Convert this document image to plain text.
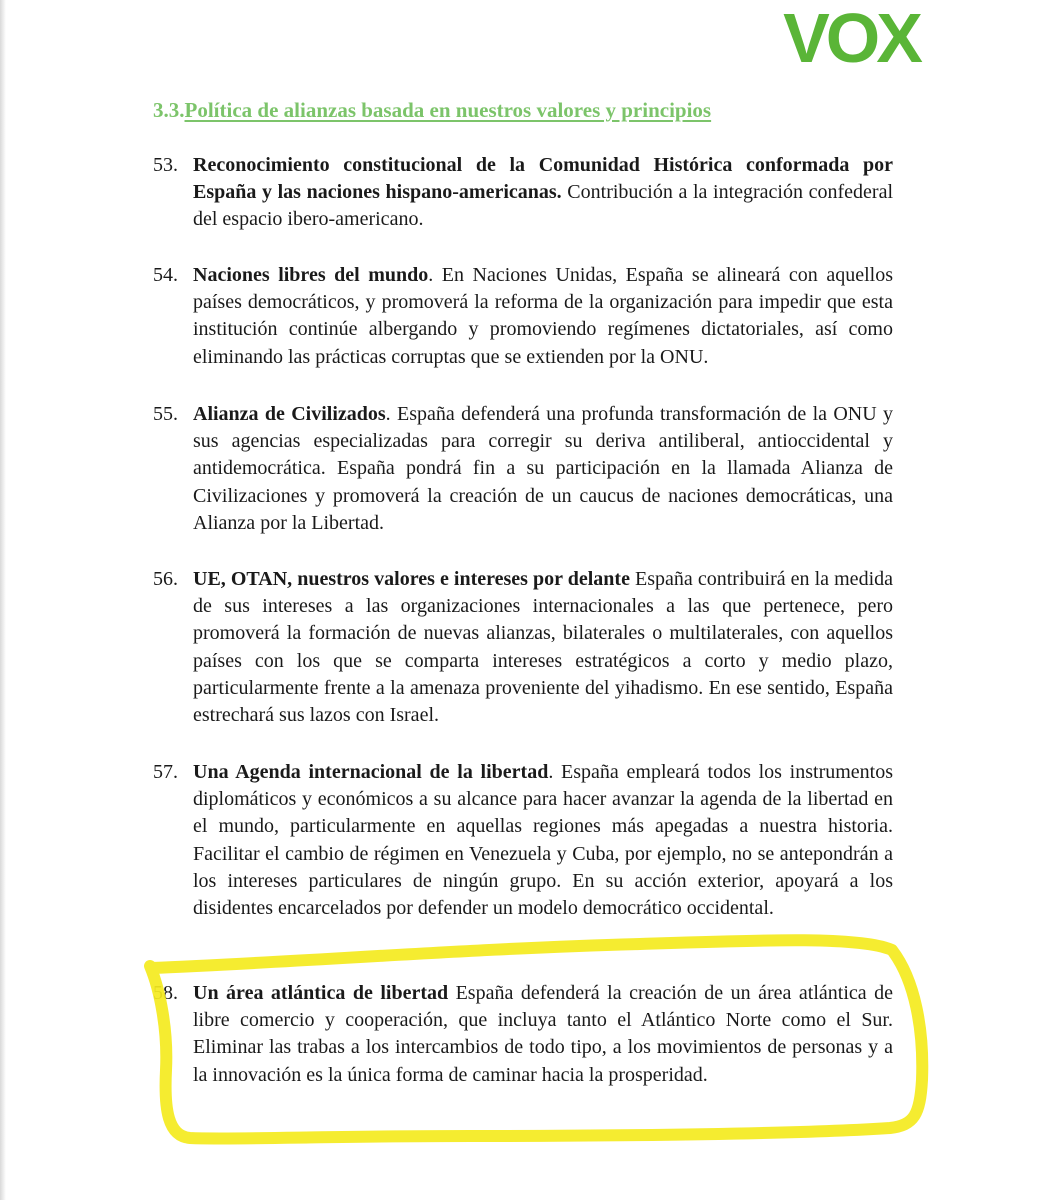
VOX
3.3.Política de alianzas basada en nuestros valores y principios
53. Reconocimiento constitucional de la Comunidad Histórica conformada por España y las naciones hispano-americanas. Contribución a la integración confederal del espacio ibero-americano.
54. Naciones libres del mundo. En Naciones Unidas, España se alineará con aquellos países democráticos, y promoverá la reforma de la organización para impedir que esta institución continúe albergando y promoviendo regímenes dictatoriales, así como eliminando las prácticas corruptas que se extienden por la ONU.
55. Alianza de Civilizados. España defenderá una profunda transformación de la ONU y sus agencias especializadas para corregir su deriva antiliberal, antioccidental y antidemocrática. España pondrá fin a su participación en la llamada Alianza de Civilizaciones y promoverá la creación de un caucus de naciones democráticas, una Alianza por la Libertad.
56. UE, OTAN, nuestros valores e intereses por delante España contribuirá en la medida de sus intereses a las organizaciones internacionales a las que pertenece, pero promoverá la formación de nuevas alianzas, bilaterales o multilaterales, con aquellos países con los que se comparta intereses estratégicos a corto y medio plazo, particularmente frente a la amenaza proveniente del yihadismo. En ese sentido, España estrechará sus lazos con Israel.
57. Una Agenda internacional de la libertad. España empleará todos los instrumentos diplomáticos y económicos a su alcance para hacer avanzar la agenda de la libertad en el mundo, particularmente en aquellas regiones más apegadas a nuestra historia. Facilitar el cambio de régimen en Venezuela y Cuba, por ejemplo, no se antepondrán a los intereses particulares de ningún grupo. En su acción exterior, apoyará a los disidentes encarcelados por defender un modelo democrático occidental.
58. Un área atlántica de libertad España defenderá la creación de un área atlántica de libre comercio y cooperación, que incluya tanto el Atlántico Norte como el Sur. Eliminar las trabas a los intercambios de todo tipo, a los movimientos de personas y a la innovación es la única forma de caminar hacia la prosperidad.
